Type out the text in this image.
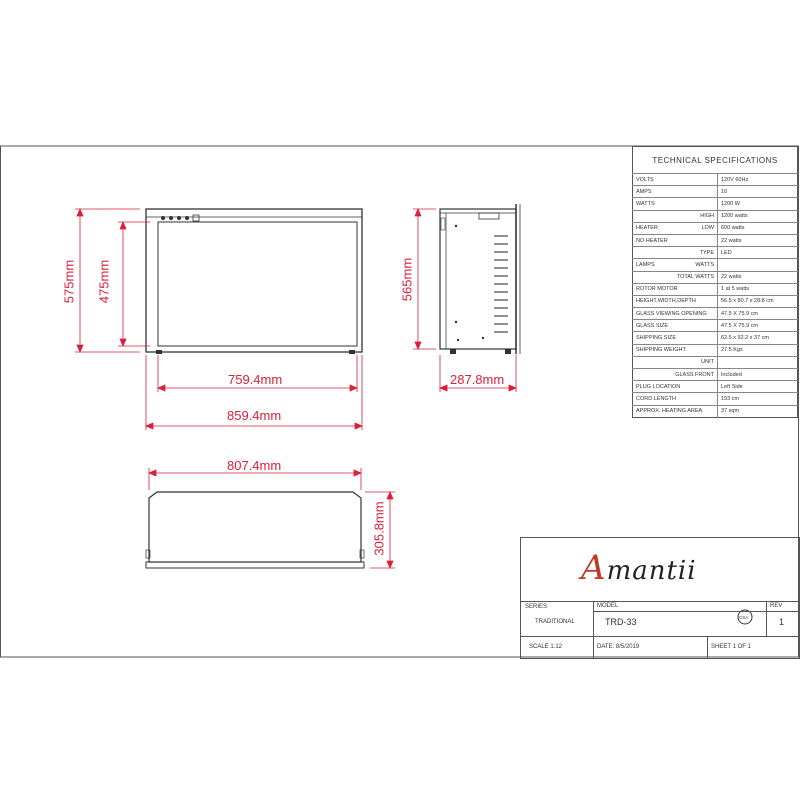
575mm 475mm
759.4mm
859.4mm
565mm
287.8mm
807.4mm
305.8mm
TECHNICAL SPECIFICATIONS	
VOLTS	120V 60Hz
AMPS	10
WATTS	1200 W

HIGH	1200 watts
HEATER LOW	600 watts
NO HEATER	22 watts

TYPE	LED
LAMPS WATTS	

TOTAL WATTS	22 watts
ROTOR MOTOR	1 at 5 watts
HEIGHT,WIDTH,DEPTH	56.5 x 80.7 x 28.8 cm
GLASS VIEWING OPENING	47.5 X 75.9 cm
GLASS SIZE	47.5 X 75.9 cm
SHIPPING SIZE	62.5 x 92.2 x 37 cm
SHIPPING WEIGHT	27.5 Kgs

UNIT	

GLASS FRONT	Included
PLUG LOCATION	Left Side
CORD LENGTH	193 cm
APPROX. HEATING AREA	37 sqm
Amantii
SERIES
TRADITIONAL
MODEL
TRD-33	CSA
REV
1
SCALE 1:12	DATE: 8/5/2019	SHEET 1 OF 1
